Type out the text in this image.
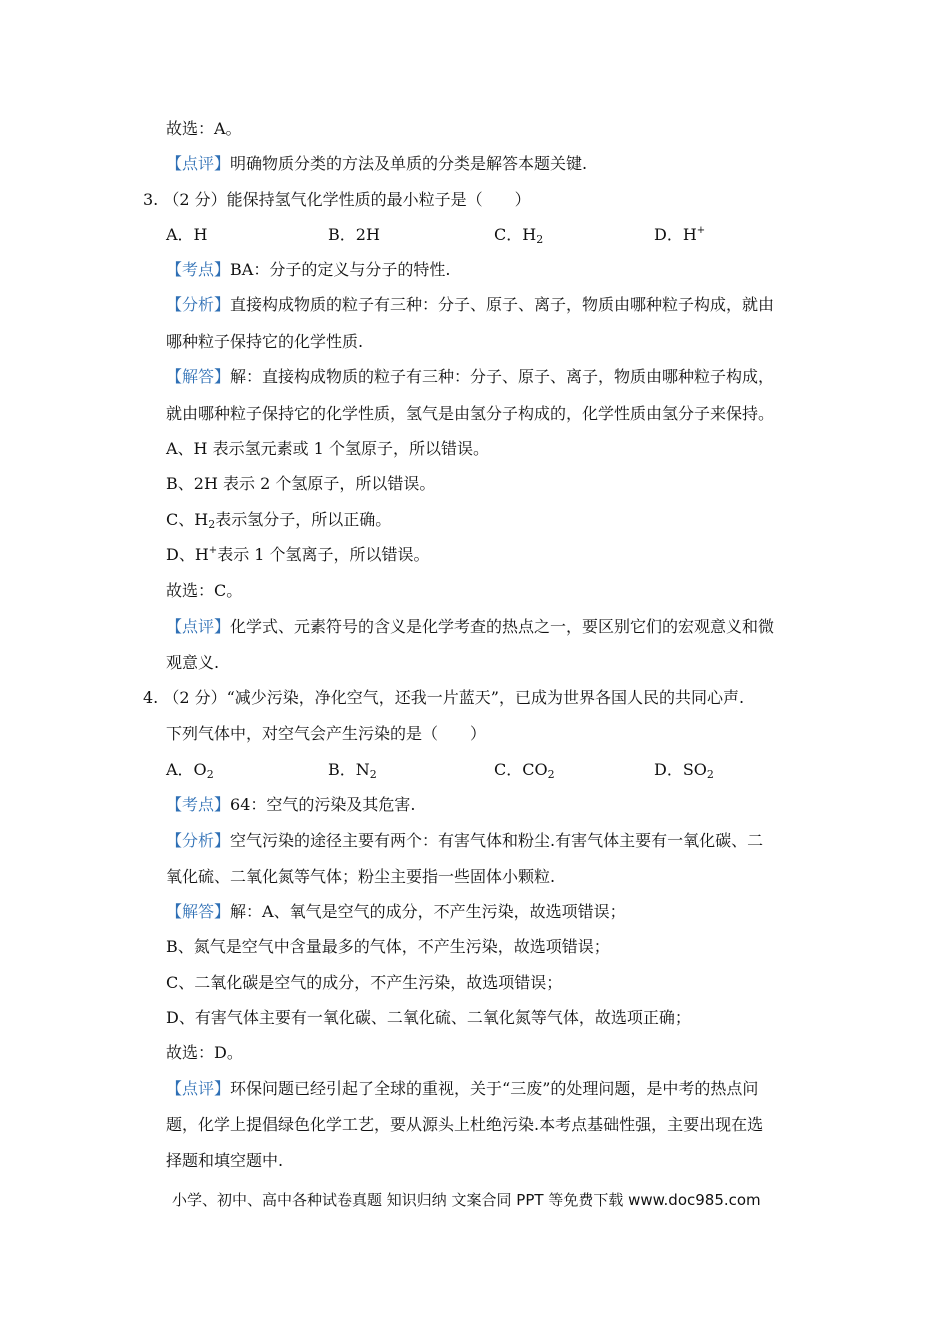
故选：A。
【点评】明确物质分类的方法及单质的分类是解答本题关键.
3. （2 分）能保持氢气化学性质的最小粒子是（　　）
A．H	B．2H	C．$H_2$	D．H+
【考点】BA：分子的定义与分子的特性.
【分析】直接构成物质的粒子有三种：分子、原子、离子，物质由哪种粒子构成，就由
哪种粒子保持它的化学性质.
【解答】解：直接构成物质的粒子有三种：分子、原子、离子，物质由哪种粒子构成，
就由哪种粒子保持它的化学性质，氢气是由氢分子构成的，化学性质由氢分子来保持。
A、H 表示氢元素或 1 个氢原子，所以错误。
B、2H 表示 2 个氢原子，所以错误。
C、$H_2$表示氢分子，所以正确。
D、H+表示 1 个氢离子，所以错误。
故选：C。
【点评】化学式、元素符号的含义是化学考查的热点之一，要区别它们的宏观意义和微
观意义.
4. （2 分）“减少污染，净化空气，还我一片蓝天”，已成为世界各国人民的共同心声.
下列气体中，对空气会产生污染的是（　　）
A．$O_2$	B．$N_2$	C．$CO_2$	D．$SO_2$
【考点】64：空气的污染及其危害.
【分析】空气污染的途径主要有两个：有害气体和粉尘.有害气体主要有一氧化碳、二
氧化硫、二氧化氮等气体；粉尘主要指一些固体小颗粒.
【解答】解：A、氧气是空气的成分，不产生污染，故选项错误；
B、氮气是空气中含量最多的气体，不产生污染，故选项错误；
C、二氧化碳是空气的成分，不产生污染，故选项错误；
D、有害气体主要有一氧化碳、二氧化硫、二氧化氮等气体，故选项正确；
故选：D。
【点评】环保问题已经引起了全球的重视，关于“三废”的处理问题，是中考的热点问
题，化学上提倡绿色化学工艺，要从源头上杜绝污染.本考点基础性强，主要出现在选
择题和填空题中.
小学、初中、高中各种试卷真题 知识归纳 文案合同 PPT 等免费下载 www.doc985.com
